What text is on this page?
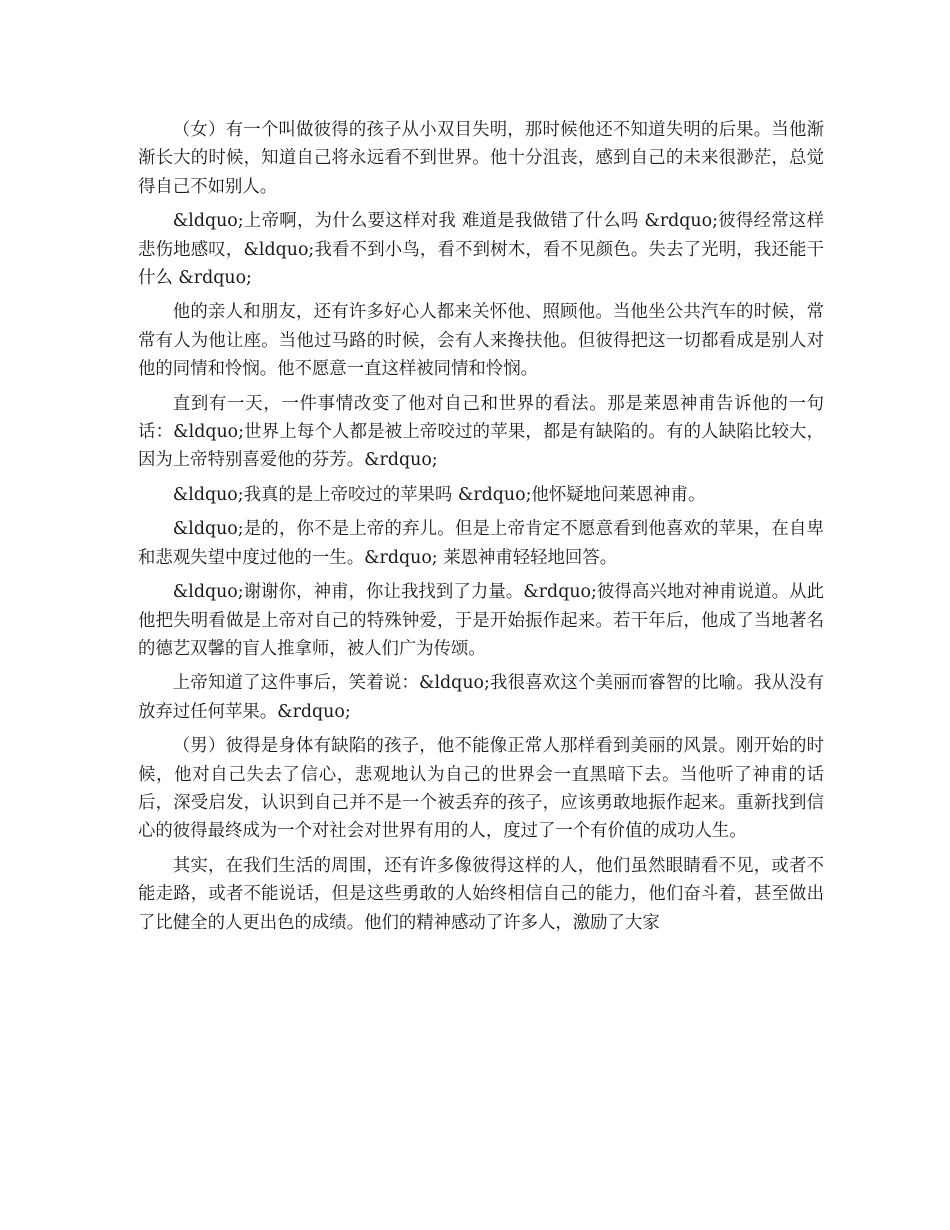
（女）有一个叫做彼得的孩子从小双目失明，那时候他还不知道失明的后果。当他渐渐长大的时候，知道自己将永远看不到世界。他十分沮丧，感到自己的未来很渺茫，总觉得自己不如别人。

&ldquo;上帝啊，为什么要这样对我 难道是我做错了什么吗 &rdquo;彼得经常这样悲伤地感叹，&ldquo;我看不到小鸟，看不到树木，看不见颜色。失去了光明，我还能干什么 &rdquo;

他的亲人和朋友，还有许多好心人都来关怀他、照顾他。当他坐公共汽车的时候，常常有人为他让座。当他过马路的时候，会有人来搀扶他。但彼得把这一切都看成是别人对他的同情和怜悯。他不愿意一直这样被同情和怜悯。

直到有一天，一件事情改变了他对自己和世界的看法。那是莱恩神甫告诉他的一句话：&ldquo;世界上每个人都是被上帝咬过的苹果，都是有缺陷的。有的人缺陷比较大，因为上帝特别喜爱他的芬芳。&rdquo;

&ldquo;我真的是上帝咬过的苹果吗 &rdquo;他怀疑地问莱恩神甫。

&ldquo;是的，你不是上帝的弃儿。但是上帝肯定不愿意看到他喜欢的苹果，在自卑和悲观失望中度过他的一生。&rdquo; 莱恩神甫轻轻地回答。

&ldquo;谢谢你，神甫，你让我找到了力量。&rdquo;彼得高兴地对神甫说道。从此他把失明看做是上帝对自己的特殊钟爱，于是开始振作起来。若干年后，他成了当地著名的德艺双馨的盲人推拿师，被人们广为传颂。

上帝知道了这件事后，笑着说：&ldquo;我很喜欢这个美丽而睿智的比喻。我从没有放弃过任何苹果。&rdquo;

（男）彼得是身体有缺陷的孩子，他不能像正常人那样看到美丽的风景。刚开始的时候，他对自己失去了信心，悲观地认为自己的世界会一直黑暗下去。当他听了神甫的话后，深受启发，认识到自己并不是一个被丢弃的孩子，应该勇敢地振作起来。重新找到信心的彼得最终成为一个对社会对世界有用的人，度过了一个有价值的成功人生。

其实，在我们生活的周围，还有许多像彼得这样的人，他们虽然眼睛看不见，或者不能走路，或者不能说话，但是这些勇敢的人始终相信自己的能力，他们奋斗着，甚至做出了比健全的人更出色的成绩。他们的精神感动了许多人，激励了大家
